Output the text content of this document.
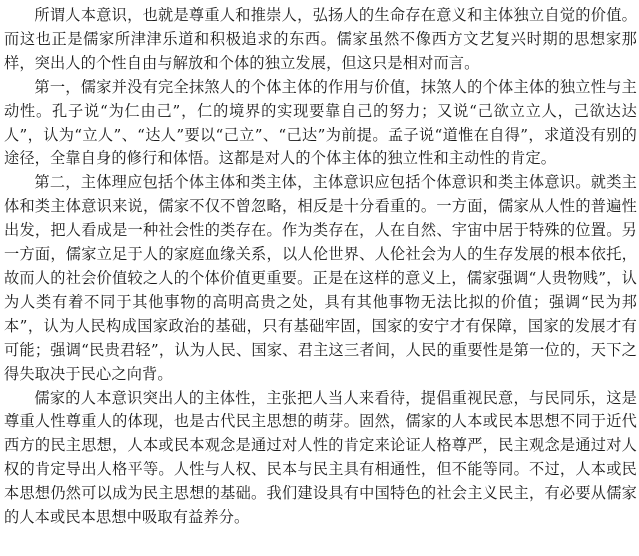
所谓人本意识，也就是尊重人和推崇人，弘扬人的生命存在意义和主体独立自觉的价值。而这也正是儒家所津津乐道和积极追求的东西。儒家虽然不像西方文艺复兴时期的思想家那样，突出人的个性自由与解放和个体的独立发展，但这只是相对而言。

第一，儒家并没有完全抹煞人的个体主体的作用与价值，抹煞人的个体主体的独立性与主动性。孔子说“为仁由己”，仁的境界的实现要靠自己的努力；又说“己欲立立人，己欲达达人”，认为“立人”、“达人”要以“己立”、“己达”为前提。孟子说“道惟在自得”，求道没有别的途径，全靠自身的修行和体悟。这都是对人的个体主体的独立性和主动性的肯定。

第二，主体理应包括个体主体和类主体，主体意识应包括个体意识和类主体意识。就类主体和类主体意识来说，儒家不仅不曾忽略，相反是十分看重的。一方面，儒家从人性的普遍性出发，把人看成是一种社会性的类存在。作为类存在，人在自然、宇宙中居于特殊的位置。另一方面，儒家立足于人的家庭血缘关系，以人伦世界、人伦社会为人的生存发展的根本依托，故而人的社会价值较之人的个体价值更重要。正是在这样的意义上，儒家强调“人贵物贱”，认为人类有着不同于其他事物的高明高贵之处，具有其他事物无法比拟的价值；强调“民为邦本”，认为人民构成国家政治的基础，只有基础牢固，国家的安宁才有保障，国家的发展才有可能；强调“民贵君轻”，认为人民、国家、君主这三者间，人民的重要性是第一位的，天下之得失取决于民心之向背。

儒家的人本意识突出人的主体性，主张把人当人来看待，提倡重视民意，与民同乐，这是尊重人性尊重人的体现，也是古代民主思想的萌芽。固然，儒家的人本或民本思想不同于近代西方的民主思想，人本或民本观念是通过对人性的肯定来论证人格尊严，民主观念是通过对人权的肯定导出人格平等。人性与人权、民本与民主具有相通性，但不能等同。不过，人本或民本思想仍然可以成为民主思想的基础。我们建设具有中国特色的社会主义民主，有必要从儒家的人本或民本思想中吸取有益养分。
